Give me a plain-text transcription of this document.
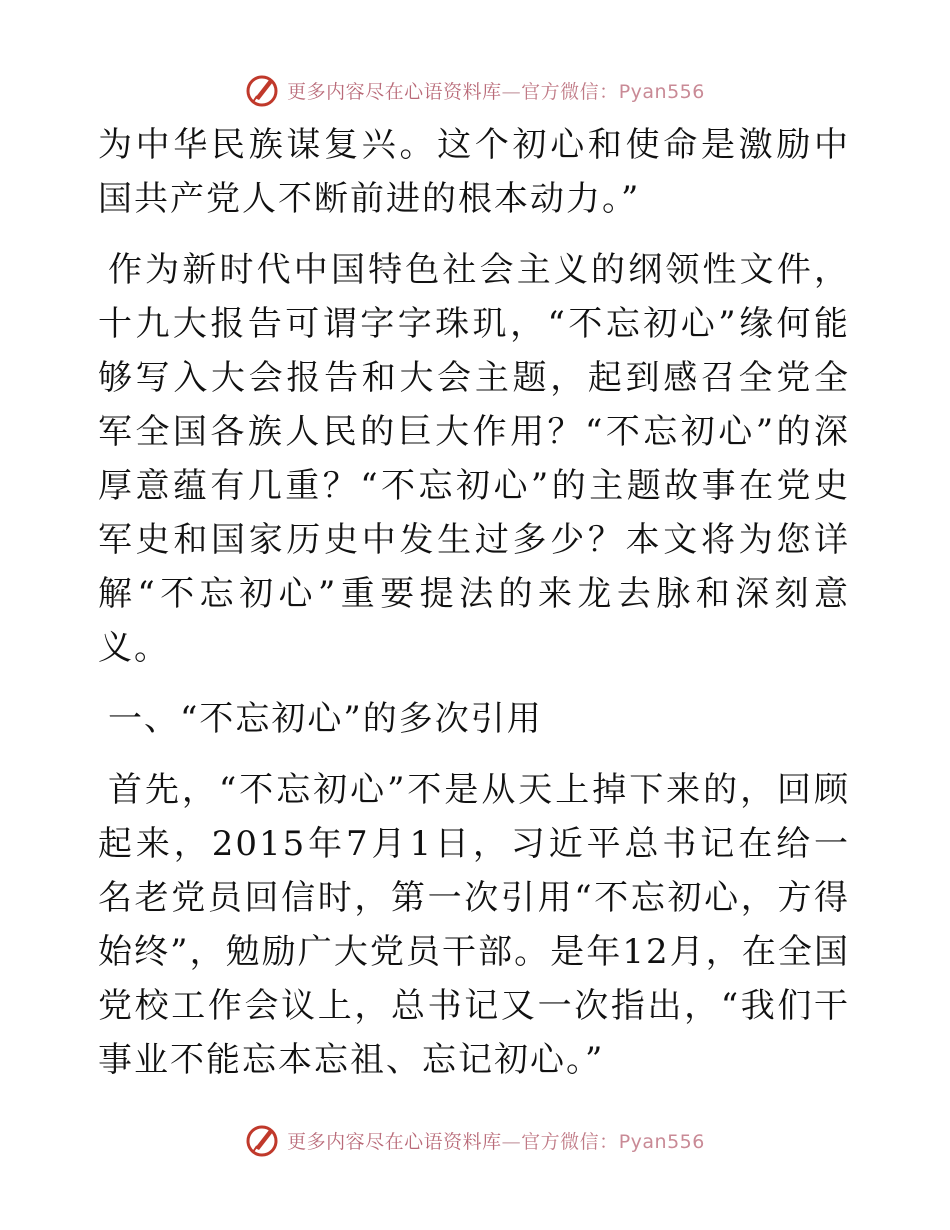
更多内容尽在心语资料库—官方微信：Pyan556

为中华民族谋复兴。这个初心和使命是激励中国共产党人不断前进的根本动力。”

作为新时代中国特色社会主义的纲领性文件，十九大报告可谓字字珠玑，“不忘初心”缘何能够写入大会报告和大会主题，起到感召全党全军全国各族人民的巨大作用？“不忘初心”的深厚意蕴有几重？“不忘初心”的主题故事在党史军史和国家历史中发生过多少？本文将为您详解“不忘初心”重要提法的来龙去脉和深刻意义。

一、“不忘初心”的多次引用

首先，“不忘初心”不是从天上掉下来的，回顾起来，2015年7月1日，习近平总书记在给一名老党员回信时，第一次引用“不忘初心，方得始终”，勉励广大党员干部。是年12月，在全国党校工作会议上，总书记又一次指出，“我们干事业不能忘本忘祖、忘记初心。”

更多内容尽在心语资料库—官方微信：Pyan556
